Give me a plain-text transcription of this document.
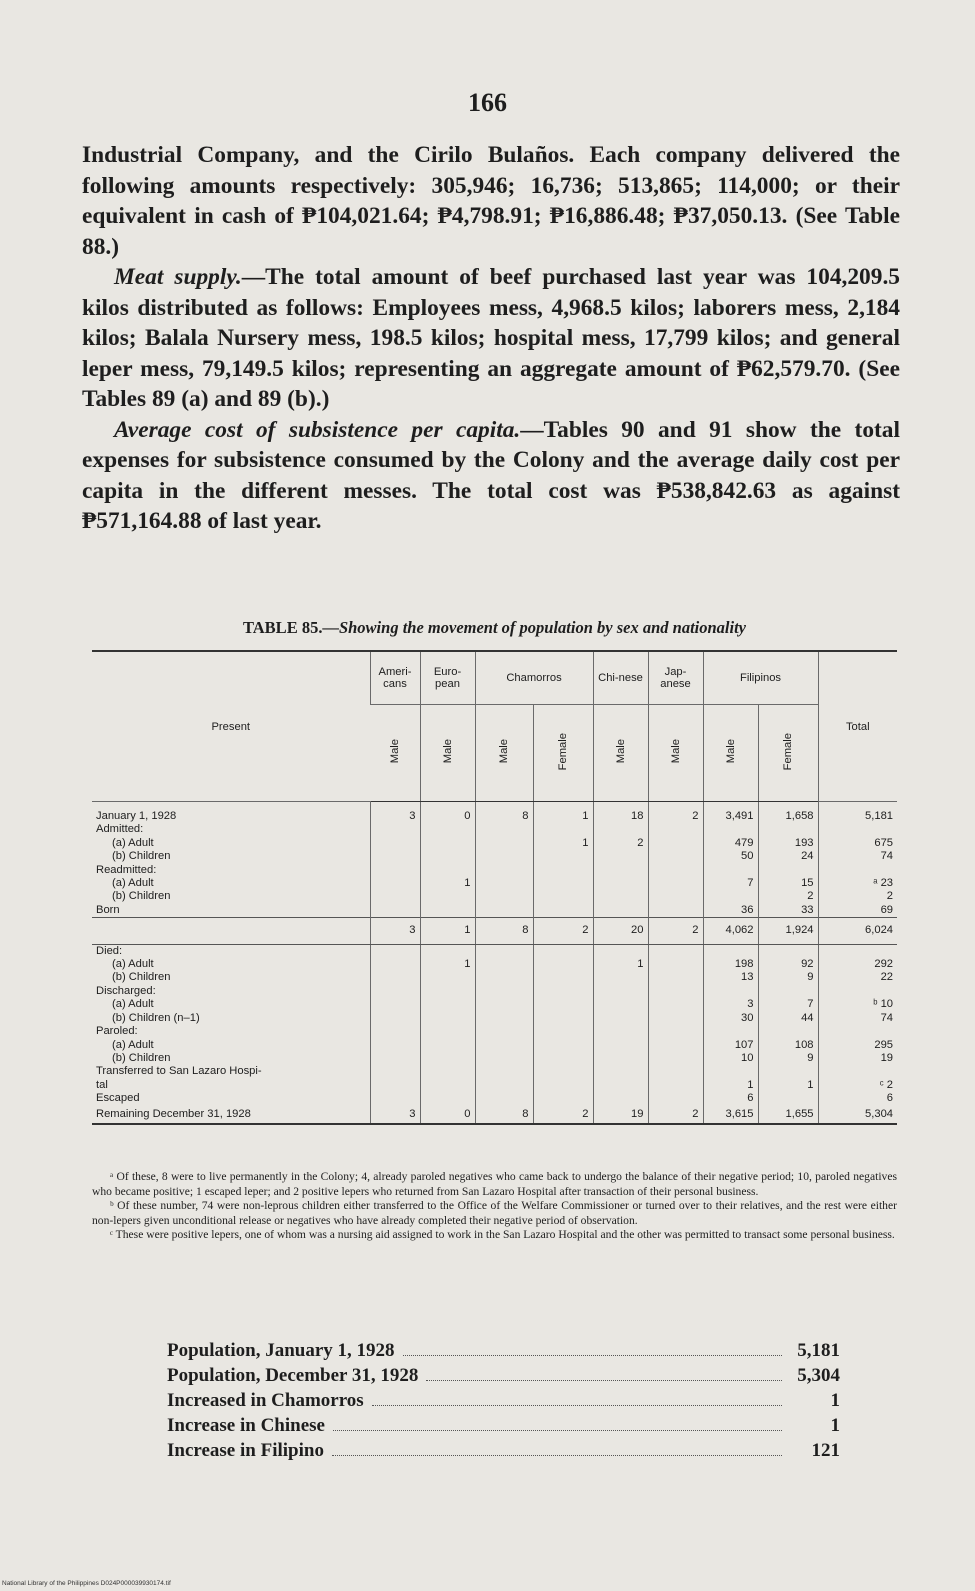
166

Industrial Company, and the Cirilo Bulaños. Each company delivered the following amounts respectively: 305,946; 16,736; 513,865; 114,000; or their equivalent in cash of ₱104,021.64; ₱4,798.91; ₱16,886.48; ₱37,050.13. (See Table 88.)

Meat supply.—The total amount of beef purchased last year was 104,209.5 kilos distributed as follows: Employees mess, 4,968.5 kilos; laborers mess, 2,184 kilos; Balala Nursery mess, 198.5 kilos; hospital mess, 17,799 kilos; and general leper mess, 79,149.5 kilos; representing an aggregate amount of ₱62,579.70. (See Tables 89 (a) and 89 (b).)

Average cost of subsistence per capita.—Tables 90 and 91 show the total expenses for subsistence consumed by the Colony and the average daily cost per capita in the different messes. The total cost was ₱538,842.63 as against ₱571,164.88 of last year.

TABLE 85.—Showing the movement of population by sex and nationality
Present	Ameri-cans	Euro-pean	Chamorros		Chi-nese	Jap-anese	Filipinos		Total
	Male	Male	Male	Female	Male	Male	Male	Female	
January 1, 1928	3	0	8	1	18	2	3,491	1,658	5,181
Admitted:									
(a) Adult				1	2		479	193	675
(b) Children							50	24	74
Readmitted:									
(a) Adult		1					7	15	ᵃ 23
(b) Children								2	2
Born							36	33	69
	3	1	8	2	20	2	4,062	1,924	6,024
Died:									
(a) Adult		1			1		198	92	292
(b) Children							13	9	22
Discharged:									
(a) Adult							3	7	ᵇ 10
(b) Children (n–1)							30	44	74
Paroled:									
(a) Adult							107	108	295
(b) Children							10	9	19
Transferred to San Lazaro Hospi-									
tal							1	1	ᶜ 2
Escaped							6		6
Remaining December 31, 1928	3	0	8	2	19	2	3,615	1,655	5,304

ᵃ Of these, 8 were to live permanently in the Colony; 4, already paroled negatives who came back to undergo the balance of their negative period; 10, paroled negatives who became positive; 1 escaped leper; and 2 positive lepers who returned from San Lazaro Hospital after transaction of their personal business.

ᵇ Of these number, 74 were non-leprous children either transferred to the Office of the Welfare Commissioner or turned over to their relatives, and the rest were either non-lepers given unconditional release or negatives who have already completed their negative period of observation.

ᶜ These were positive lepers, one of whom was a nursing aid assigned to work in the San Lazaro Hospital and the other was permitted to transact some personal business.

Population, January 1, 1928	5,181
Population, December 31, 1928	5,304
Increased in Chamorros	1
Increase in Chinese	1
Increase in Filipino	121
National Library of the Philippines D024P000039930174.tif
